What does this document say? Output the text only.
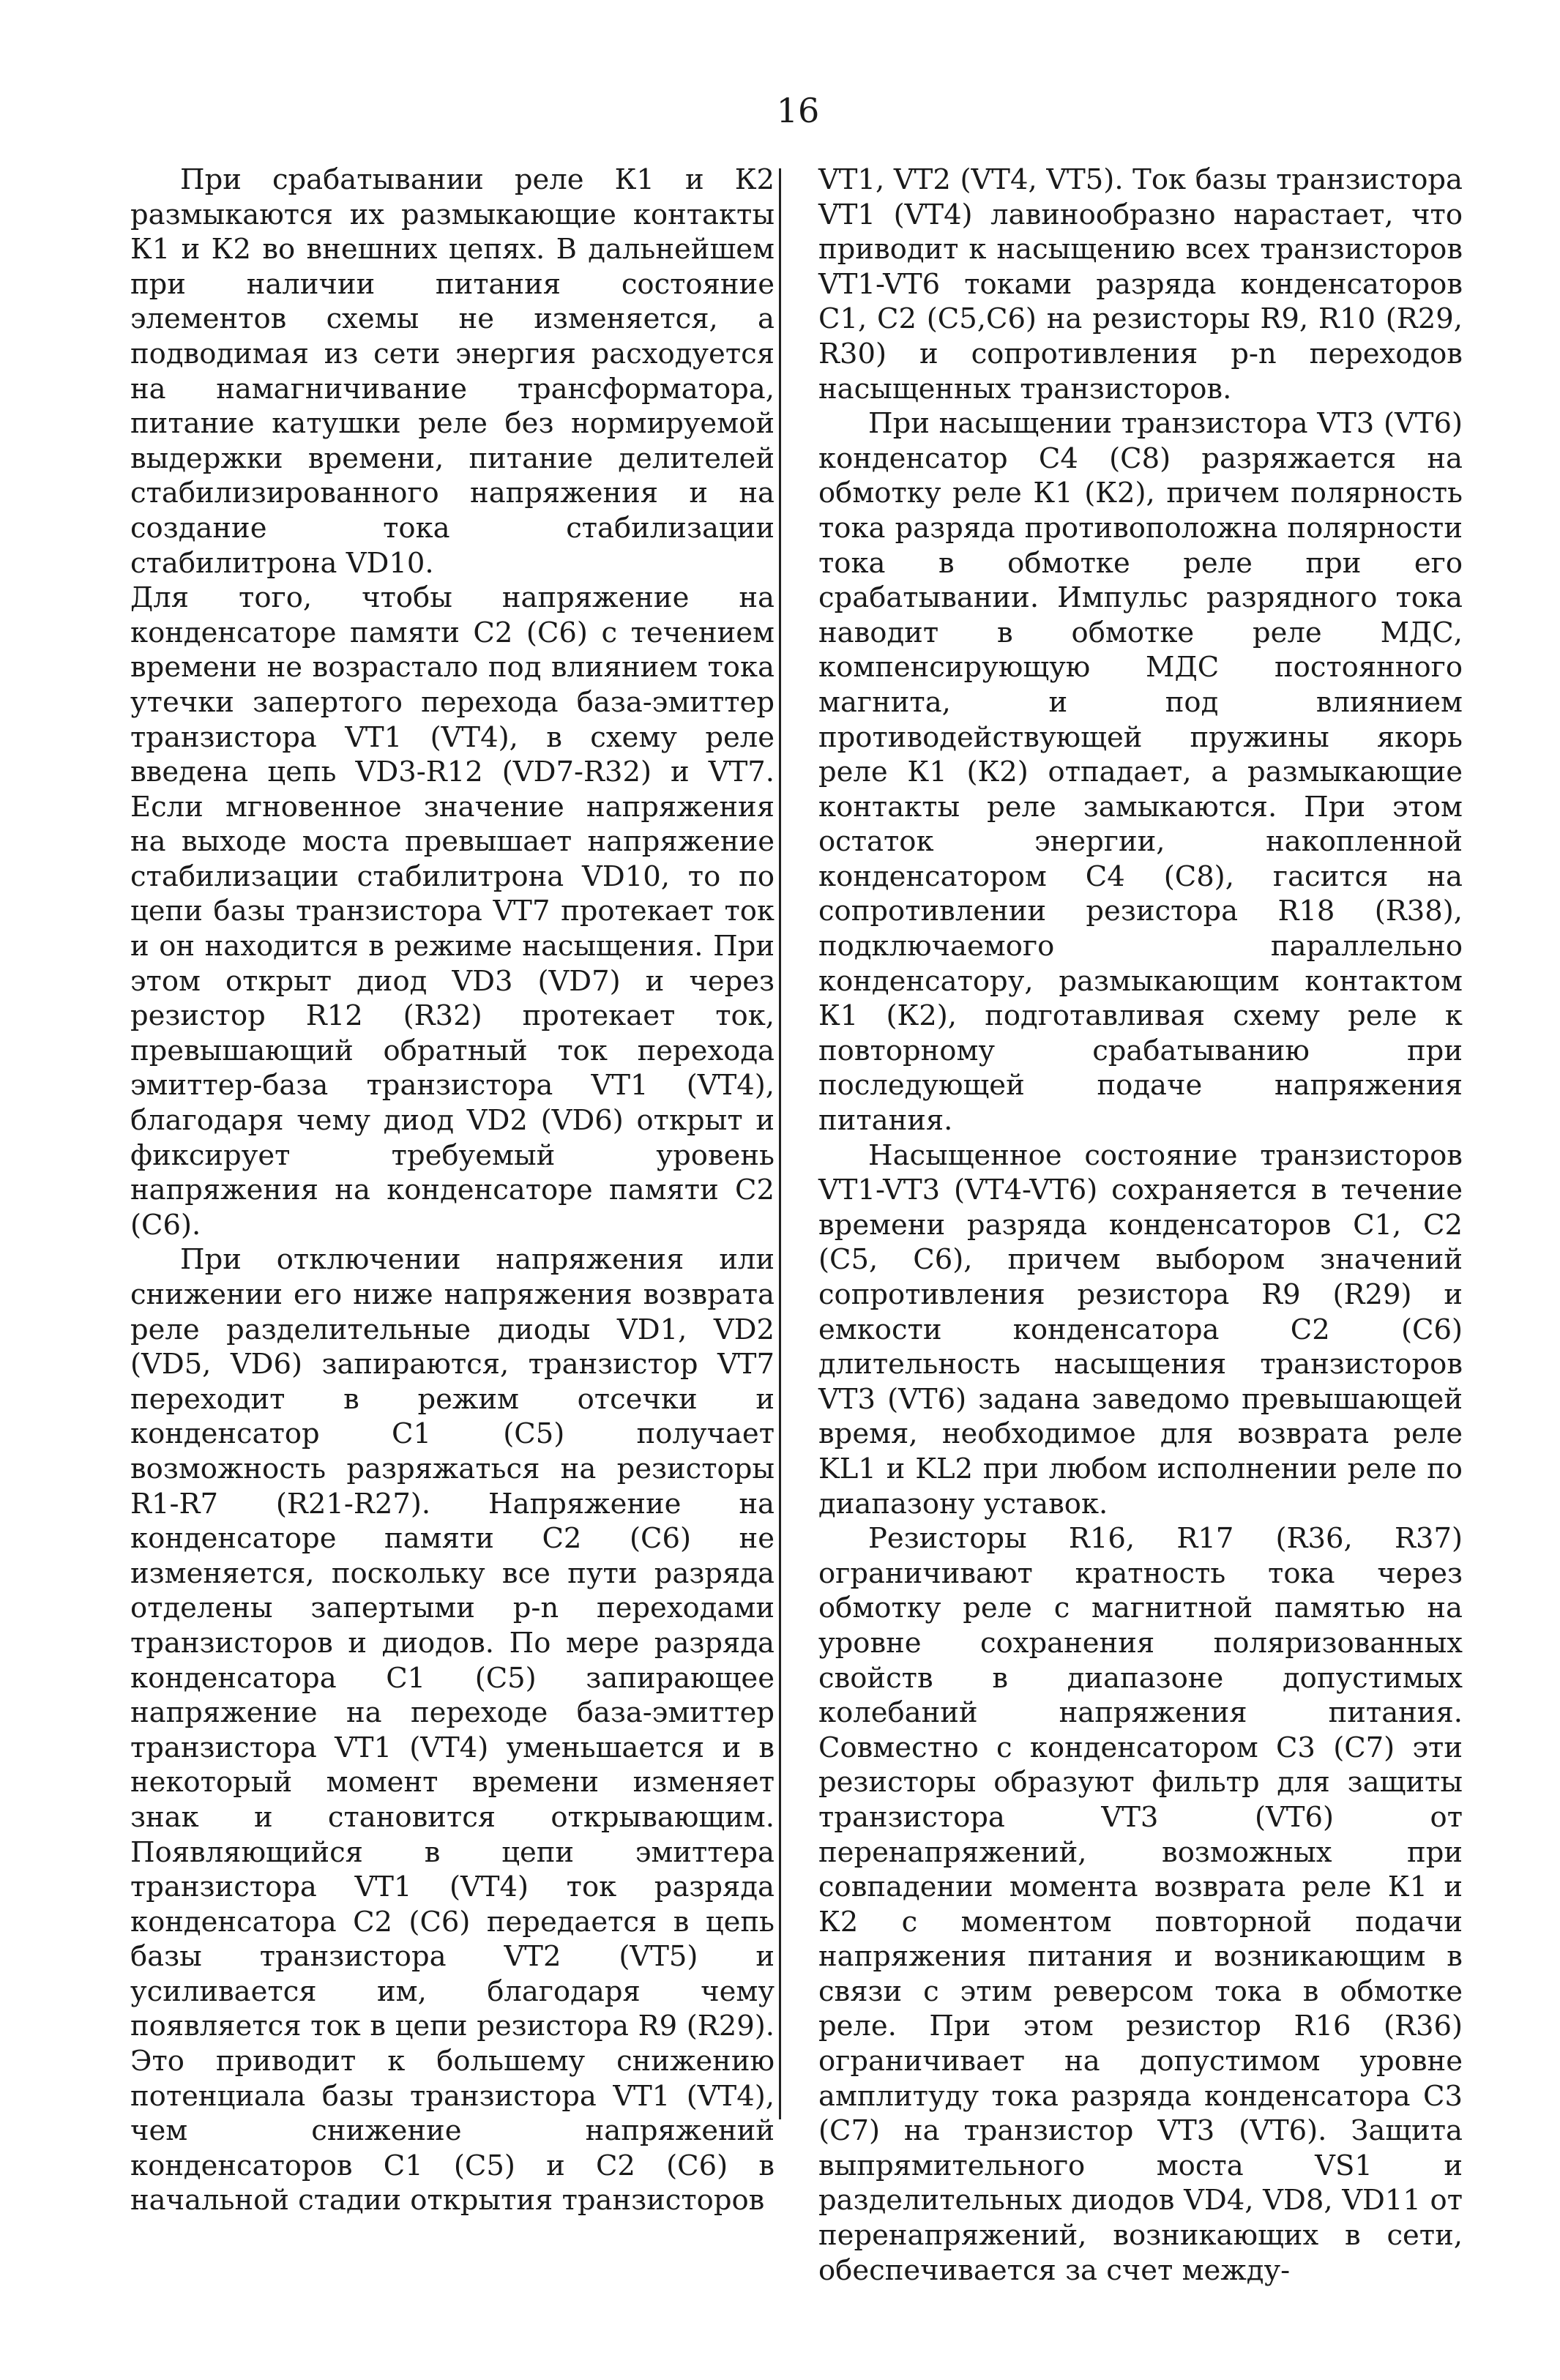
16

При срабатывании реле К1 и К2 размыкаются их размыкающие контакты К1 и К2 во внешних цепях. В дальнейшем при наличии питания состояние элементов схемы не изменяется, а подводимая из сети энергия расходуется на намагничивание трансформатора, питание катушки реле без нормируемой выдержки времени, питание делителей стабилизированного напряжения и на создание тока стабилизации стабилитрона VD10.

Для того, чтобы напряжение на конденсаторе памяти С2 (С6) с течением времени не возрастало под влиянием тока утечки запертого перехода база-эмиттер транзистора VT1 (VT4), в схему реле введена цепь VD3-R12 (VD7-R32) и VT7. Если мгновенное значение напряжения на выходе моста превышает напряжение стабилизации стабилитрона VD10, то по цепи базы транзистора VT7 протекает ток и он находится в режиме насыщения. При этом открыт диод VD3 (VD7) и через резистор R12 (R32) протекает ток, превышающий обратный ток перехода эмиттер-база транзистора VT1 (VT4), благодаря чему диод VD2 (VD6) открыт и фиксирует требуемый уровень напряжения на конденсаторе памяти С2 (С6).

При отключении напряжения или снижении его ниже напряжения возврата реле разделительные диоды VD1, VD2 (VD5, VD6) запираются, транзистор VT7 переходит в режим отсечки и конденсатор С1 (С5) получает возможность разряжаться на резисторы R1-R7 (R21-R27). Напряжение на конденсаторе памяти С2 (С6) не изменяется, поскольку все пути разряда отделены запертыми p-n переходами транзисторов и диодов. По мере разряда конденсатора С1 (С5) запирающее напряжение на переходе база-эмиттер транзистора VT1 (VT4) уменьшается и в некоторый момент времени изменяет знак и становится открывающим. Появляющийся в цепи эмиттера транзистора VT1 (VT4) ток разряда конденсатора С2 (С6) передается в цепь базы транзистора VT2 (VT5) и усиливается им, благодаря чему появляется ток в цепи резистора R9 (R29). Это приводит к большему снижению потенциала базы транзистора VT1 (VT4), чем снижение напряжений конденсаторов С1 (С5) и С2 (С6) в начальной стадии открытия транзисторов

VT1, VT2 (VT4, VT5). Ток базы транзистора VT1 (VT4) лавинообразно нарастает, что приводит к насыщению всех транзисторов VT1-VT6 токами разряда конденсаторов С1, С2 (С5,С6) на резисторы R9, R10 (R29, R30) и сопротивления p-n переходов насыщенных транзисторов.

При насыщении транзистора VT3 (VT6) конденсатор С4 (С8) разряжается на обмотку реле К1 (К2), причем полярность тока разряда противоположна полярности тока в обмотке реле при его срабатывании. Импульс разрядного тока наводит в обмотке реле МДС, компенсирующую МДС постоянного магнита, и под влиянием противодействующей пружины якорь реле К1 (К2) отпадает, а размыкающие контакты реле замыкаются. При этом остаток энергии, накопленной конденсатором С4 (С8), гасится на сопротивлении резистора R18 (R38), подключаемого параллельно конденсатору, размыкающим контактом К1 (К2), подготавливая схему реле к повторному срабатыванию при последующей подаче напряжения питания.

Насыщенное состояние транзисторов VT1-VT3 (VT4-VT6) сохраняется в течение времени разряда конденсаторов С1, С2 (С5, С6), причем выбором значений сопротивления резистора R9 (R29) и емкости конденсатора С2 (С6) длительность насыщения транзисторов VT3 (VT6) задана заведомо превышающей время, необходимое для возврата реле KL1 и KL2 при любом исполнении реле по диапазону уставок.

Резисторы R16, R17 (R36, R37) ограничивают кратность тока через обмотку реле с магнитной памятью на уровне сохранения поляризованных свойств в диапазоне допустимых колебаний напряжения питания. Совместно с конденсатором С3 (С7) эти резисторы образуют фильтр для защиты транзистора VT3 (VT6) от перенапряжений, возможных при совпадении момента возврата реле К1 и К2 с моментом повторной подачи напряжения питания и возникающим в связи с этим реверсом тока в обмотке реле. При этом резистор R16 (R36) ограничивает на допустимом уровне амплитуду тока разряда конденсатора С3 (С7) на транзистор VT3 (VT6). Защита выпрямительного моста VS1 и разделительных диодов VD4, VD8, VD11 от перенапряжений, возникающих в сети, обеспечивается за счет между-
